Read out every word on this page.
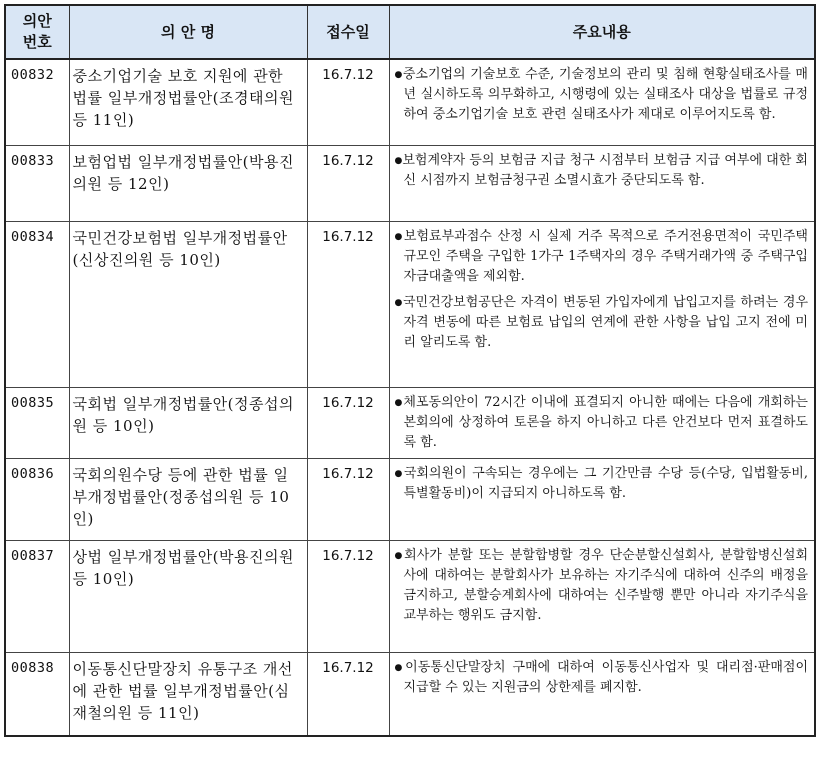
의안
번호	의 안 명	접수일	주요내용
00832	중소기업기술 보호 지원에 관한 법률 일부개정법률안(조경태의원 등 11인)	16.7.12	●중소기업의 기술보호 수준, 기술정보의 관리 및 침해 현황실태조사를 매년 실시하도록 의무화하고, 시행령에 있는 실태조사 대상을 법률로 규정하여 중소기업기술 보호 관련 실태조사가 제대로 이루어지도록 함.

00833	보험업법 일부개정법률안(박용진의원 등 12인)	16.7.12	●보험계약자 등의 보험금 지급 청구 시점부터 보험금 지급 여부에 대한 회신 시점까지 보험금청구권 소멸시효가 중단되도록 함.

00834	국민건강보험법 일부개정법률안(신상진의원 등 10인)	16.7.12	●보험료부과점수 산정 시 실제 거주 목적으로 주거전용면적이 국민주택규모인 주택을 구입한 1가구 1주택자의 경우 주택거래가액 중 주택구입자금대출액을 제외함.
●국민건강보험공단은 자격이 변동된 가입자에게 납입고지를 하려는 경우 자격 변동에 따른 보험료 납입의 연계에 관한 사항을 납입 고지 전에 미리 알리도록 함.

00835	국회법 일부개정법률안(정종섭의원 등 10인)	16.7.12	●체포동의안이 72시간 이내에 표결되지 아니한 때에는 다음에 개회하는 본회의에 상정하여 토론을 하지 아니하고 다른 안건보다 먼저 표결하도록 함.

00836	국회의원수당 등에 관한 법률 일부개정법률안(정종섭의원 등 10인)	16.7.12	●국회의원이 구속되는 경우에는 그 기간만큼 수당 등(수당, 입법활동비, 특별활동비)이 지급되지 아니하도록 함.

00837	상법 일부개정법률안(박용진의원 등 10인)	16.7.12	●회사가 분할 또는 분할합병할 경우 단순분할신설회사, 분할합병신설회사에 대하여는 분할회사가 보유하는 자기주식에 대하여 신주의 배정을 금지하고, 분할승계회사에 대하여는 신주발행 뿐만 아니라 자기주식을 교부하는 행위도 금지함.

00838	이동통신단말장치 유통구조 개선에 관한 법률 일부개정법률안(심재철의원 등 11인)	16.7.12	●이동통신단말장치 구매에 대하여 이동통신사업자 및 대리점·판매점이 지급할 수 있는 지원금의 상한제를 폐지함.
